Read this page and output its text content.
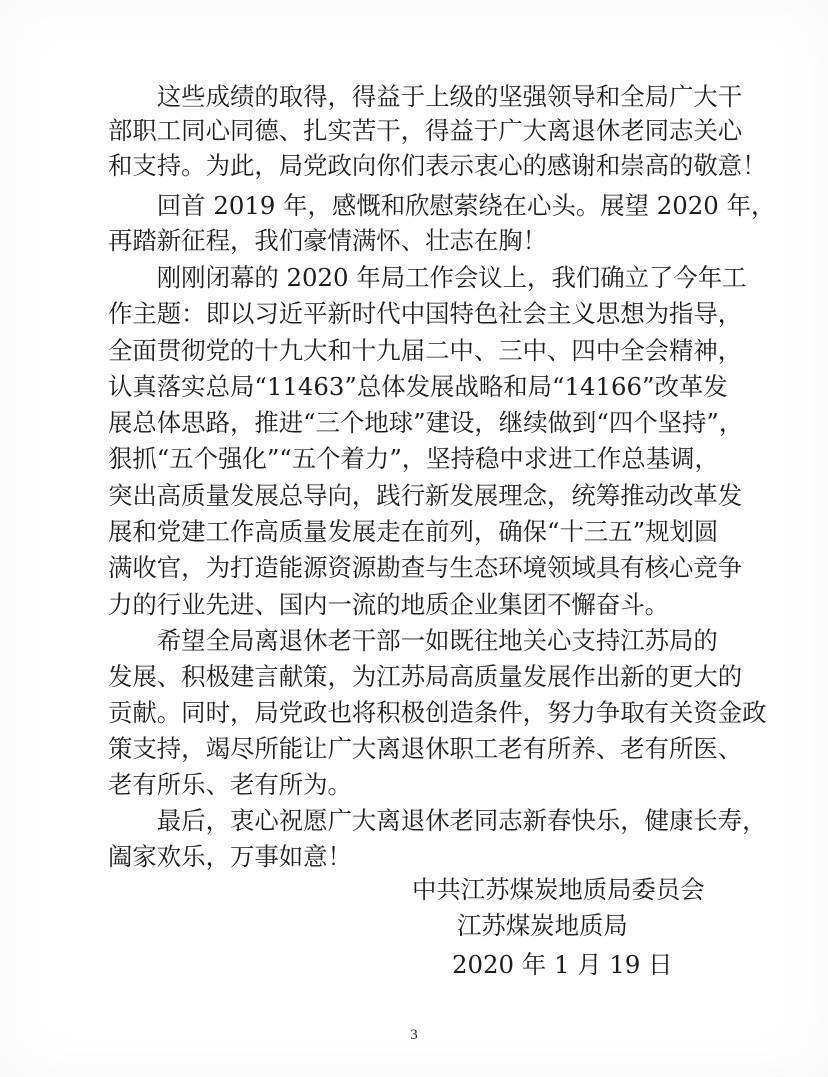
　　这些成绩的取得，得益于上级的坚强领导和全局广大干
部职工同心同德、扎实苦干，得益于广大离退休老同志关心
和支持。为此，局党政向你们表示衷心的感谢和崇高的敬意！
　　回首 2019 年，感慨和欣慰萦绕在心头。展望 2020 年，
再踏新征程，我们豪情满怀、壮志在胸！
　　刚刚闭幕的 2020 年局工作会议上，我们确立了今年工
作主题：即以习近平新时代中国特色社会主义思想为指导，
全面贯彻党的十九大和十九届二中、三中、四中全会精神，
认真落实总局“11463”总体发展战略和局“14166”改革发
展总体思路，推进“三个地球”建设，继续做到“四个坚持”，
狠抓“五个强化”“五个着力”，坚持稳中求进工作总基调，
突出高质量发展总导向，践行新发展理念，统筹推动改革发
展和党建工作高质量发展走在前列，确保“十三五”规划圆
满收官，为打造能源资源勘查与生态环境领域具有核心竞争
力的行业先进、国内一流的地质企业集团不懈奋斗。
　　希望全局离退休老干部一如既往地关心支持江苏局的
发展、积极建言献策，为江苏局高质量发展作出新的更大的
贡献。同时，局党政也将积极创造条件，努力争取有关资金政
策支持，竭尽所能让广大离退休职工老有所养、老有所医、
老有所乐、老有所为。
　　最后，衷心祝愿广大离退休老同志新春快乐，健康长寿，
阖家欢乐，万事如意！
中共江苏煤炭地质局委员会
江苏煤炭地质局
2020 年 1 月 19 日
3
